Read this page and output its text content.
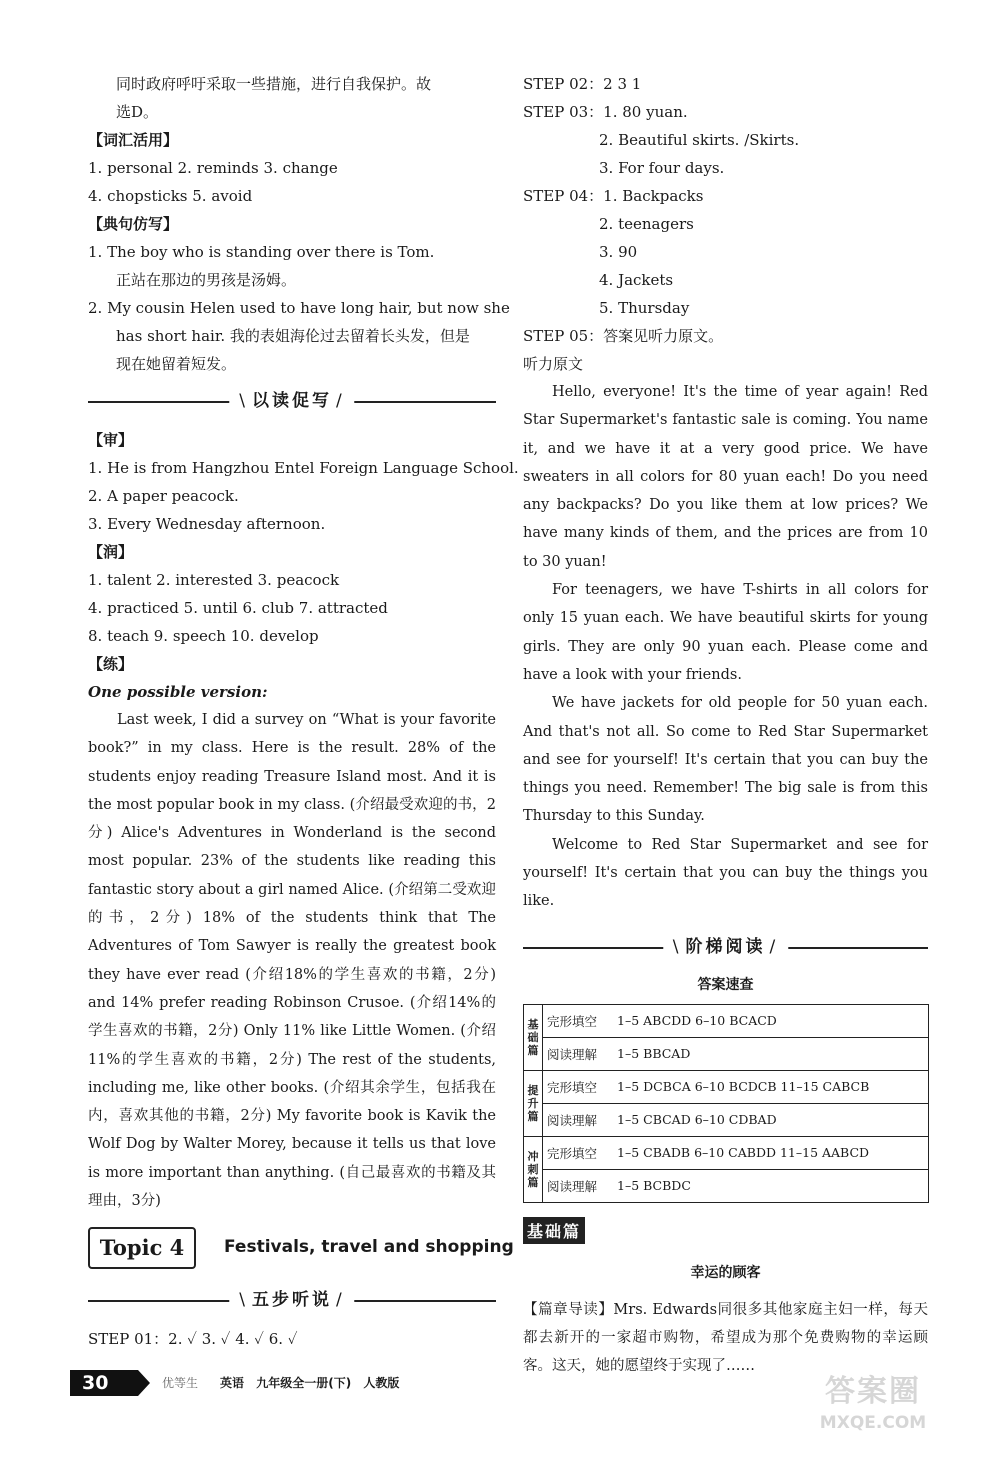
同时政府呼吁采取一些措施，进行自我保护。故
选D。
【词汇活用】
1. personal 2. reminds 3. change
4. chopsticks 5. avoid
【典句仿写】
1. The boy who is standing over there is Tom.
正站在那边的男孩是汤姆。
2. My cousin Helen used to have long hair, but now she
has short hair. 我的表姐海伦过去留着长头发，但是
现在她留着短发。
\ 以读促写 /
【审】
1. He is from Hangzhou Entel Foreign Language School.
2. A paper peacock.
3. Every Wednesday afternoon.
【润】
1. talent 2. interested 3. peacock
4. practiced 5. until 6. club 7. attracted
8. teach 9. speech 10. develop
【练】
One possible version:
Last week, I did a survey on “What is your favorite book?” in my class. Here is the result. 28% of the students enjoy reading Treasure Island most. And it is the most popular book in my class. (介绍最受欢迎的书，2分) Alice's Adventures in Wonderland is the second most popular. 23% of the students like reading this fantastic story about a girl named Alice. (介绍第二受欢迎的书，2分) 18% of the students think that The Adventures of Tom Sawyer is really the greatest book they have ever read (介绍18%的学生喜欢的书籍，2分) and 14% prefer reading Robinson Crusoe. (介绍14%的学生喜欢的书籍，2分) Only 11% like Little Women. (介绍11%的学生喜欢的书籍，2分) The rest of the students, including me, like other books. (介绍其余学生，包括我在内，喜欢其他的书籍，2分) My favorite book is Kavik the Wolf Dog by Walter Morey, because it tells us that love is more important than anything. (自己最喜欢的书籍及其理由，3分)
Topic 4	Festivals, travel and shopping
\ 五步听说 /
STEP 01：2. ✓ 3. ✓ 4. ✓ 6. ✓
STEP 02：2 3 1
STEP 03：1. 80 yuan.
2. Beautiful skirts. /Skirts.
3. For four days.
STEP 04：1. Backpacks
2. teenagers
3. 90
4. Jackets
5. Thursday
STEP 05：答案见听力原文。
听力原文
Hello, everyone! It's the time of year again! Red Star Supermarket's fantastic sale is coming. You name it, and we have it at a very good price. We have sweaters in all colors for 80 yuan each! Do you need any backpacks? Do you like them at low prices? We have many kinds of them, and the prices are from 10 to 30 yuan!
For teenagers, we have T-shirts in all colors for only 15 yuan each. We have beautiful skirts for young girls. They are only 90 yuan each. Please come and have a look with your friends.
We have jackets for old people for 50 yuan each. And that's not all. So come to Red Star Supermarket and see for yourself! It's certain that you can buy the things you need. Remember! The big sale is from this Thursday to this Sunday.
Welcome to Red Star Supermarket and see for yourself! It's certain that you can buy the things you like.
\ 阶梯阅读 /
答案速查
基础篇	完形填空	1–5 ABCDD 6–10 BCACD
	阅读理解	1–5 BBCAD
提升篇	完形填空	1–5 DCBCA 6–10 BCDCB 11–15 CABCB
	阅读理解	1–5 CBCAD 6–10 CDBAD
冲刺篇	完形填空	1–5 CBADB 6–10 CABDD 11–15 AABCD
	阅读理解	1–5 BCBDC
基础篇
幸运的顾客
【篇章导读】Mrs. Edwards同很多其他家庭主妇一样，每天都去新开的一家超市购物，希望成为那个免费购物的幸运顾客。这天，她的愿望终于实现了……
30	优等生 英语 九年级全一册(下) 人教版	答案圈
MXQE.COM
